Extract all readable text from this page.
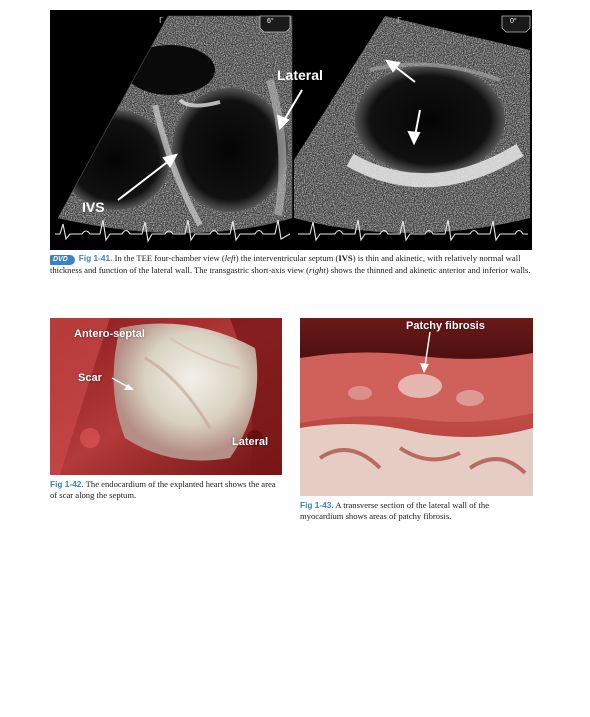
ᒥ	ᒥ
6°	0°
Lateral
IVS
DVD Fig 1-41. In the TEE four-chamber view (left) the interventricular septum (IVS) is thin and akinetic, with relatively normal wall thickness and function of the lateral wall. The transgastric short-axis view (right) shows the thinned and akinetic anterior and inferior walls.
Antero-septal
Scar
Lateral
Fig 1-42. The endocardium of the explanted heart shows the area of scar along the septum.
Patchy fibrosis
Fig 1-43. A transverse section of the lateral wall of the myocardium shows areas of patchy fibrosis.
